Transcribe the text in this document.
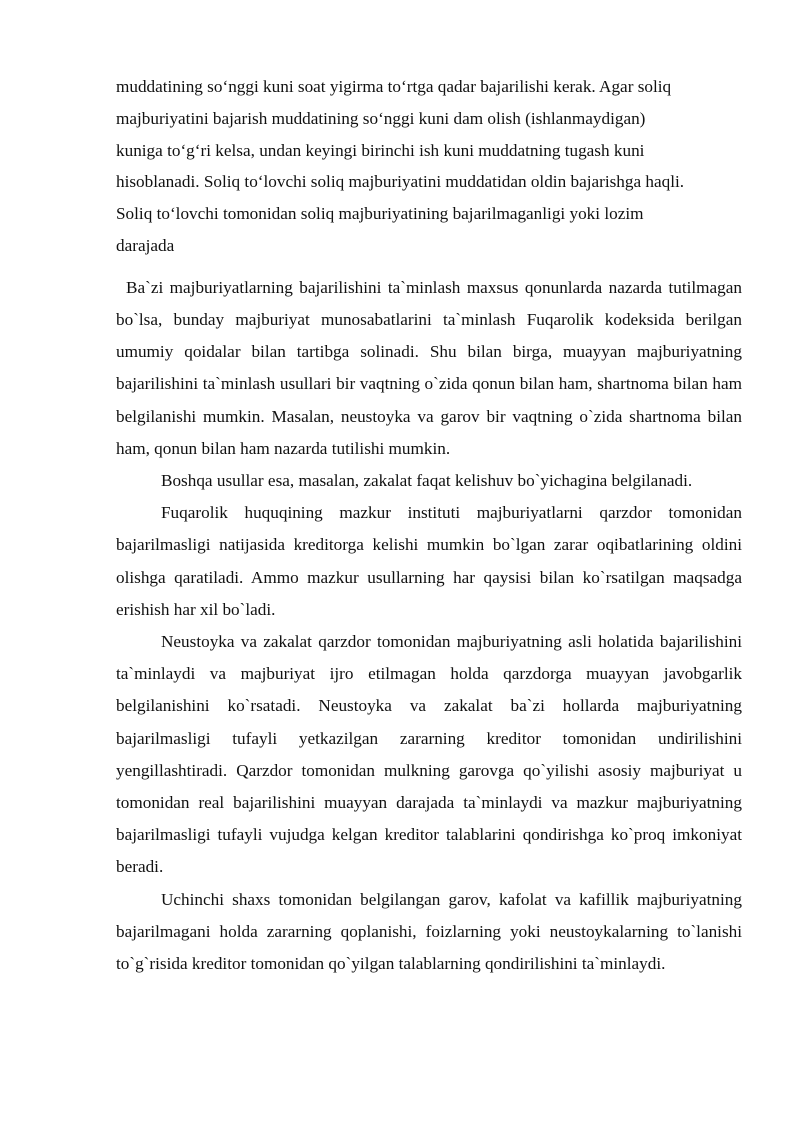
muddatining so‘nggi kuni soat yigirma to‘rtga qadar bajarilishi kerak. Agar soliq
majburiyatini bajarish muddatining so‘nggi kuni dam olish (ishlanmaydigan)
kuniga to‘g‘ri kelsa, undan keyingi birinchi ish kuni muddatning tugash kuni
hisoblanadi. Soliq to‘lovchi soliq majburiyatini muddatidan oldin bajarishga haqli.
Soliq to‘lovchi tomonidan soliq majburiyatining bajarilmaganligi yoki lozim
darajada

Ba`zi majburiyatlarning bajarilishini ta`minlash maxsus qonunlarda nazarda tutilmagan bo`lsa, bunday majburiyat munosabatlarini ta`minlash Fuqarolik kodeksida berilgan umumiy qoidalar bilan tartibga solinadi. Shu bilan birga, muayyan majburiyatning bajarilishini ta`minlash usullari bir vaqtning o`zida qonun bilan ham, shartnoma bilan ham belgilanishi mumkin. Masalan, neustoyka va garov bir vaqtning o`zida shartnoma bilan ham, qonun bilan ham nazarda tutilishi mumkin.

Boshqa usullar esa, masalan, zakalat faqat kelishuv bo`yichagina belgilanadi.

Fuqarolik huquqining mazkur instituti majburiyatlarni qarzdor tomonidan bajarilmasligi natijasida kreditorga kelishi mumkin bo`lgan zarar oqibatlarining oldini olishga qaratiladi. Ammo mazkur usullarning har qaysisi bilan ko`rsatilgan maqsadga erishish har xil bo`ladi.

Neustoyka va zakalat qarzdor tomonidan majburiyatning asli holatida bajarilishini ta`minlaydi va majburiyat ijro etilmagan holda qarzdorga muayyan javobgarlik belgilanishini ko`rsatadi. Neustoyka va zakalat ba`zi hollarda majburiyatning bajarilmasligi tufayli yetkazilgan zararning kreditor tomonidan undirilishini yengillashtiradi. Qarzdor tomonidan mulkning garovga qo`yilishi asosiy majburiyat u tomonidan real bajarilishini muayyan darajada ta`minlaydi va mazkur majburiyatning bajarilmasligi tufayli vujudga kelgan kreditor talablarini qondirishga ko`proq imkoniyat beradi.

Uchinchi shaxs tomonidan belgilangan garov, kafolat va kafillik majburiyatning bajarilmagani holda zararning qoplanishi, foizlarning yoki neustoykalarning to`lanishi to`g`risida kreditor tomonidan qo`yilgan talablarning qondirilishini ta`minlaydi.
